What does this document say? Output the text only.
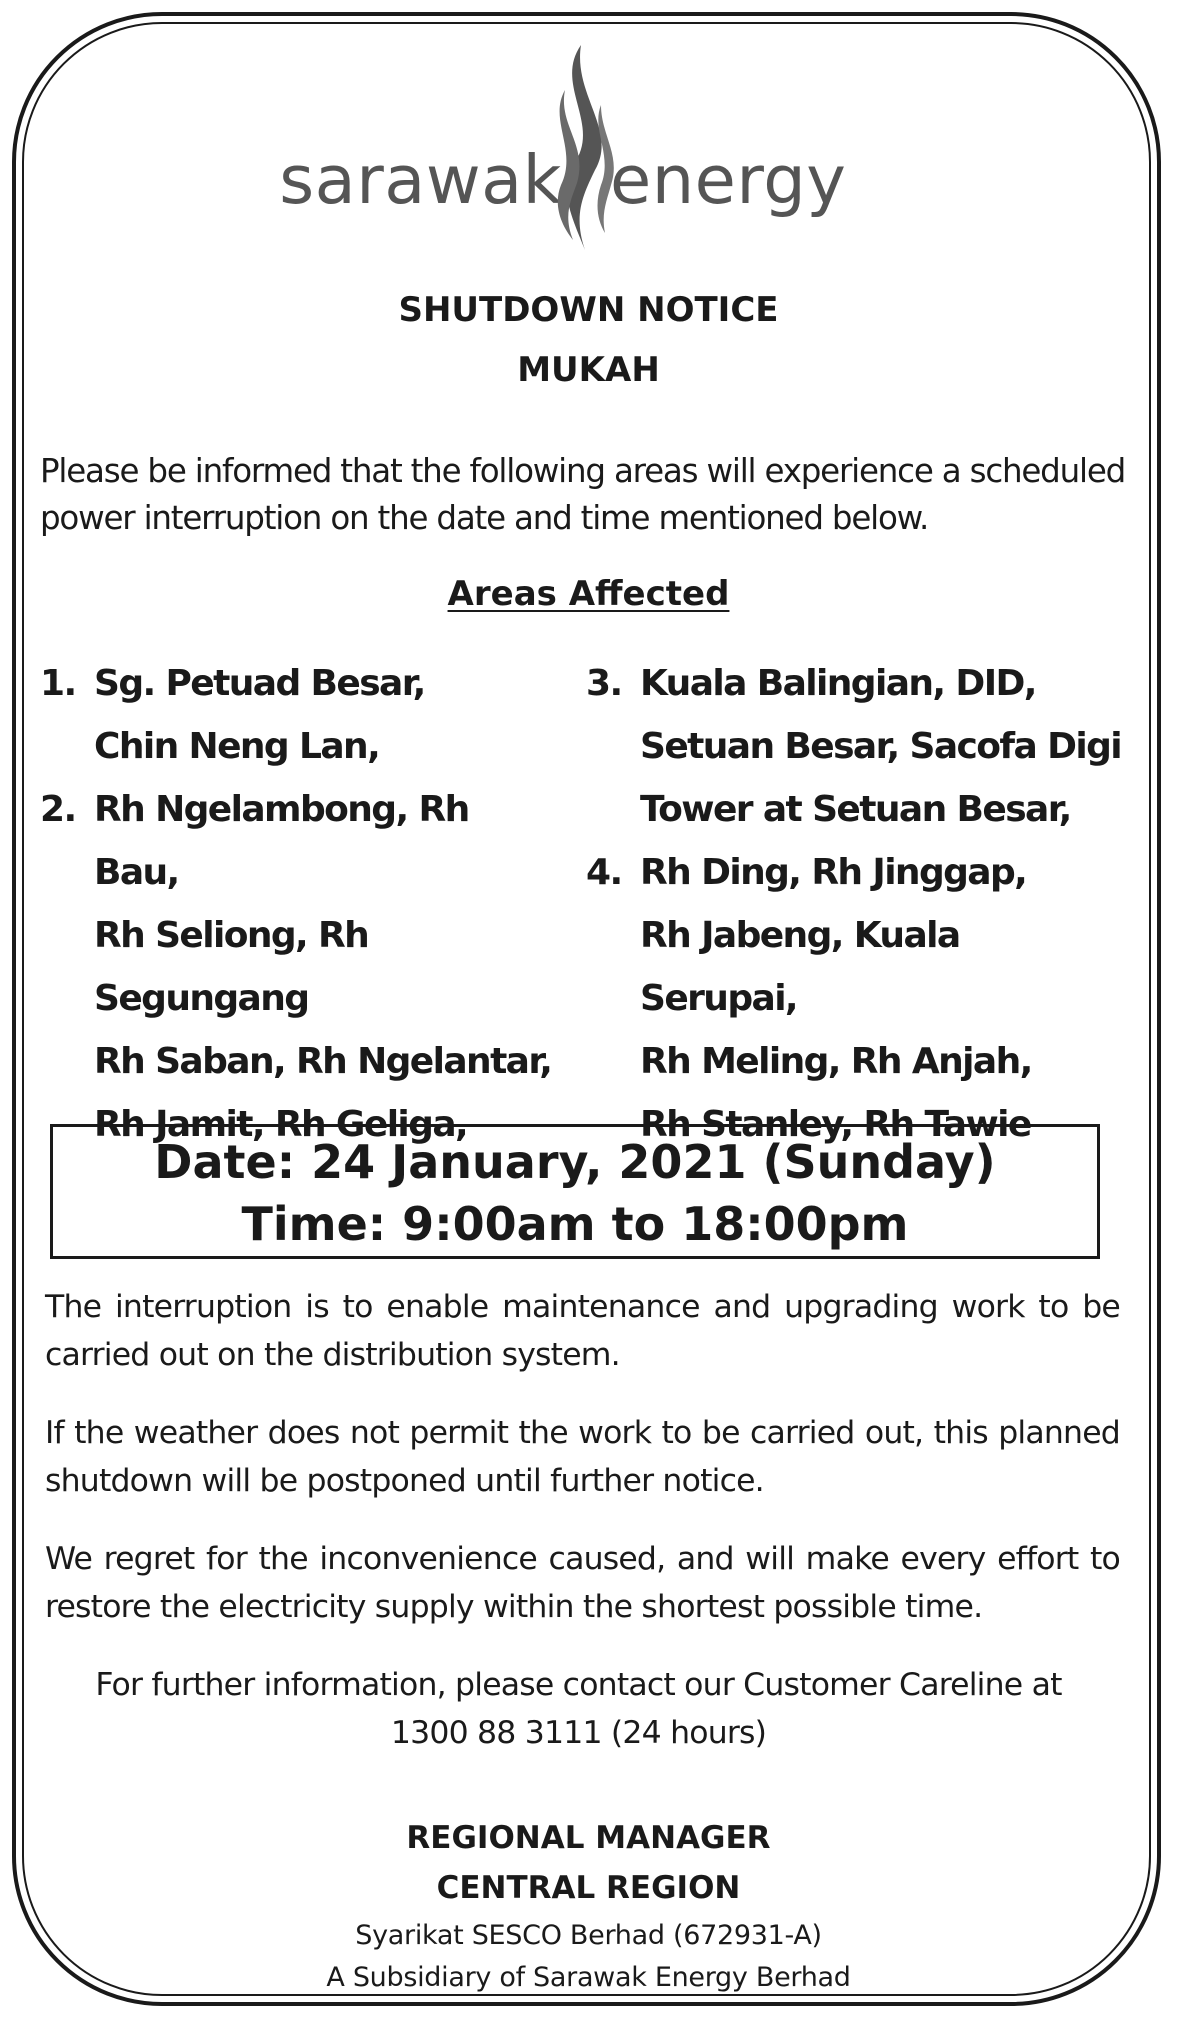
sarawak energy
SHUTDOWN NOTICE
MUKAH
Please be informed that the following areas will experience a scheduled power interruption on the date and time mentioned below.
Areas Affected
1. Sg. Petuad Besar,
Chin Neng Lan,
2. Rh Ngelambong, Rh Bau,
Rh Seliong, Rh Segungang
Rh Saban, Rh Ngelantar,
Rh Jamit, Rh Geliga,
3. Kuala Balingian, DID,
Setuan Besar, Sacofa Digi
Tower at Setuan Besar,
4. Rh Ding, Rh Jinggap,
Rh Jabeng, Kuala Serupai,
Rh Meling, Rh Anjah,
Rh Stanley, Rh Tawie
Date: 24 January, 2021 (Sunday)
Time: 9:00am to 18:00pm
The interruption is to enable maintenance and upgrading work to be carried out on the distribution system.
If the weather does not permit the work to be carried out, this planned shutdown will be postponed until further notice.
We regret for the inconvenience caused, and will make every effort to restore the electricity supply within the shortest possible time.
For further information, please contact our Customer Careline at
1300 88 3111 (24 hours)
REGIONAL MANAGER
CENTRAL REGION
Syarikat SESCO Berhad (672931-A)
A Subsidiary of Sarawak Energy Berhad
